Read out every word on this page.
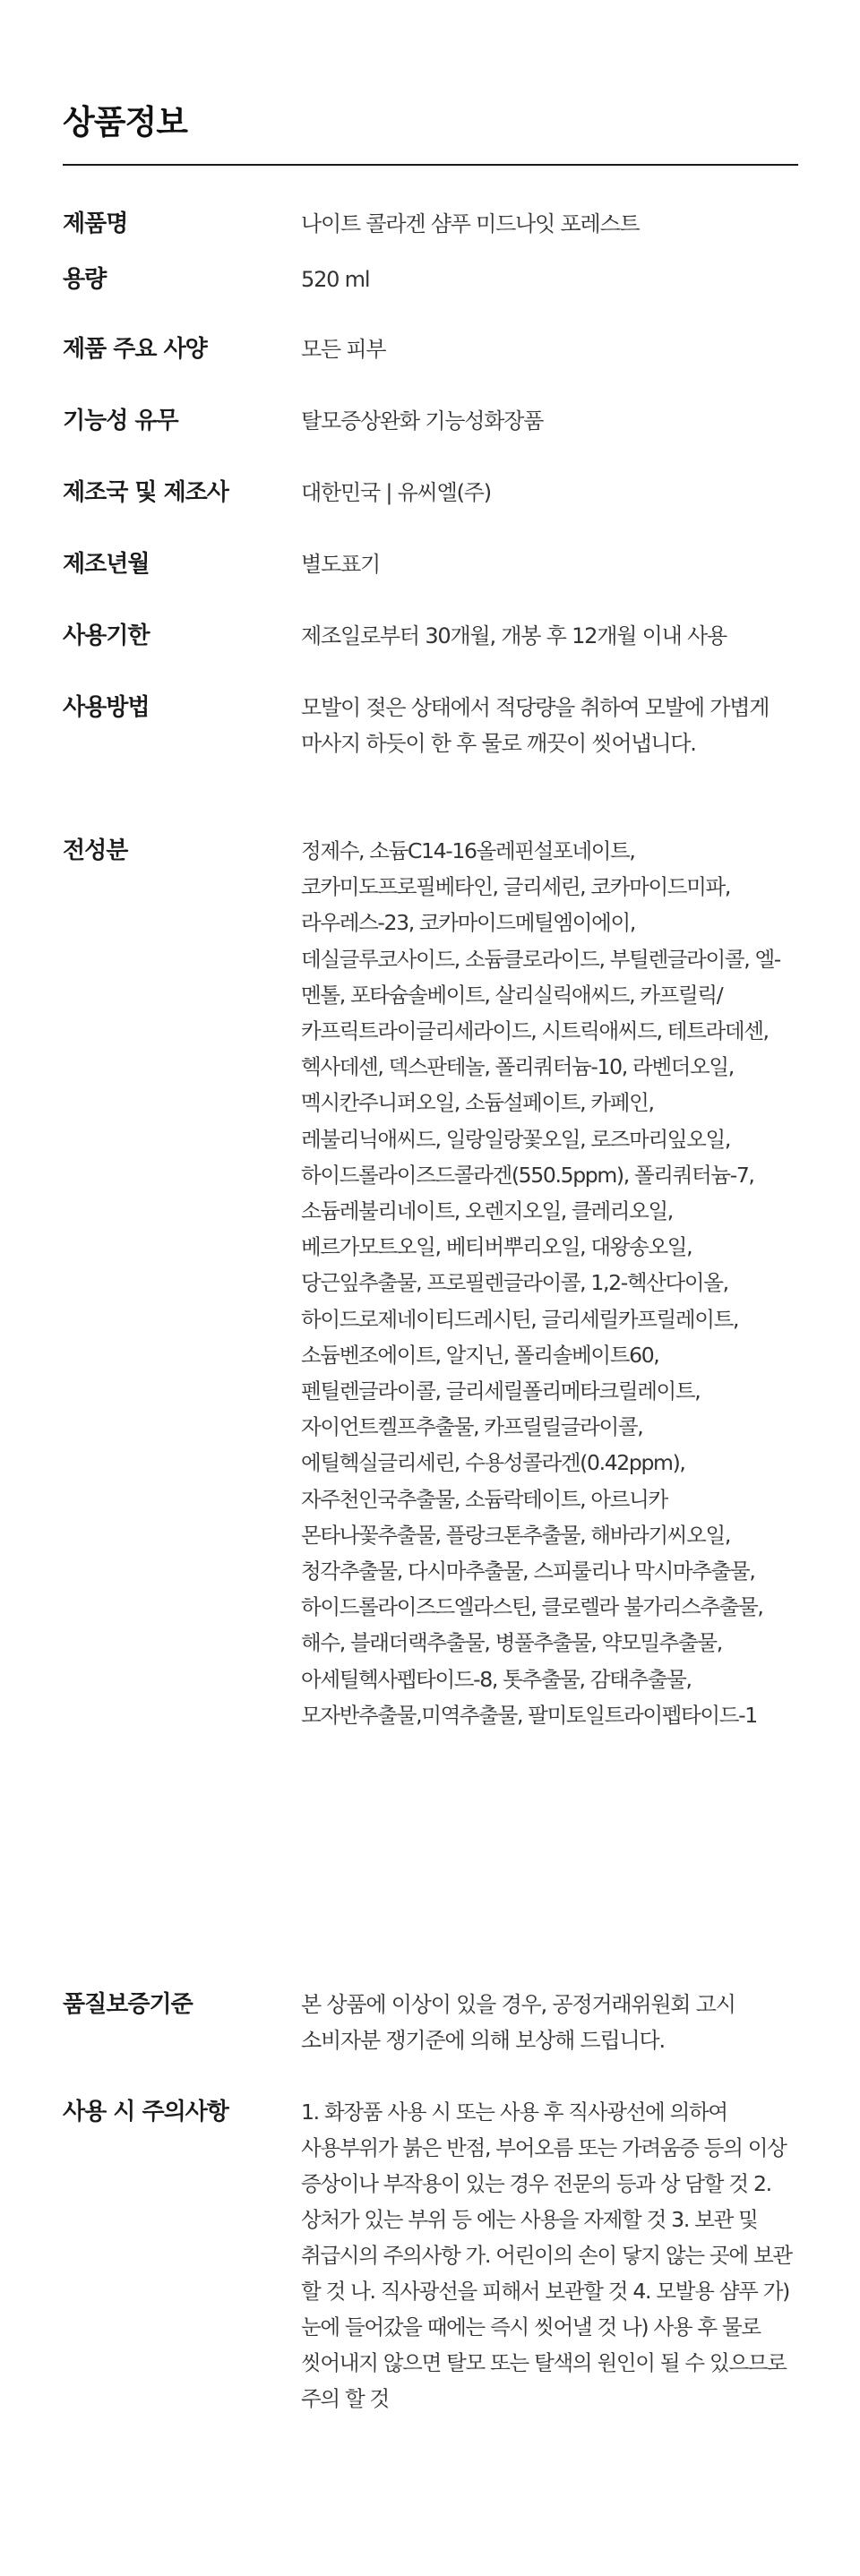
상품정보
제품명	나이트 콜라겐 샴푸 미드나잇 포레스트
용량	520 ml
제품 주요 사양	모든 피부
기능성 유무	탈모증상완화 기능성화장품
제조국 및 제조사	대한민국 | 유씨엘(주)
제조년월	별도표기
사용기한	제조일로부터 30개월, 개봉 후 12개월 이내 사용
사용방법	모발이 젖은 상태에서 적당량을 취하여 모발에 가볍게 마사지 하듯이 한 후 물로 깨끗이 씻어냅니다.
전성분	정제수, 소듐C14-16올레핀설포네이트, 코카미도프로필베타인, 글리세린, 코카마이드미파, 라우레스-23, 코카마이드메틸엠이에이, 데실글루코사이드, 소듐클로라이드, 부틸렌글라이콜, 엘-멘톨, 포타슘솔베이트, 살리실릭애씨드, 카프릴릭/카프릭트라이글리세라이드, 시트릭애씨드, 테트라데센, 헥사데센, 덱스판테놀, 폴리쿼터늄-10, 라벤더오일, 멕시칸주니퍼오일, 소듐설페이트, 카페인, 레불리닉애씨드, 일랑일랑꽃오일, 로즈마리잎오일, 하이드롤라이즈드콜라겐(550.5ppm), 폴리쿼터늄-7, 소듐레불리네이트, 오렌지오일, 클레리오일, 베르가모트오일, 베티버뿌리오일, 대왕송오일, 당근잎추출물, 프로필렌글라이콜, 1,2-헥산다이올, 하이드로제네이티드레시틴, 글리세릴카프릴레이트, 소듐벤조에이트, 알지닌, 폴리솔베이트60, 펜틸렌글라이콜, 글리세릴폴리메타크릴레이트, 자이언트켈프추출물, 카프릴릴글라이콜, 에틸헥실글리세린, 수용성콜라겐(0.42ppm), 자주천인국추출물, 소듐락테이트, 아르니카 몬타나꽃추출물, 플랑크톤추출물, 해바라기씨오일, 청각추출물, 다시마추출물, 스피룰리나 막시마추출물, 하이드롤라이즈드엘라스틴, 클로렐라 불가리스추출물, 해수, 블래더랙추출물, 병풀추출물, 약모밀추출물, 아세틸헥사펩타이드-8, 톳추출물, 감태추출물, 모자반추출물,미역추출물, 팔미토일트라이펩타이드-1
품질보증기준	본 상품에 이상이 있을 경우, 공정거래위원회 고시 소비자분 쟁기준에 의해 보상해 드립니다.
사용 시 주의사항	1. 화장품 사용 시 또는 사용 후 직사광선에 의하여 사용부위가 붉은 반점, 부어오름 또는 가려움증 등의 이상 증상이나 부작용이 있는 경우 전문의 등과 상 담할 것 2. 상처가 있는 부위 등 에는 사용을 자제할 것 3. 보관 및 취급시의 주의사항 가. 어린이의 손이 닿지 않는 곳에 보관 할 것 나. 직사광선을 피해서 보관할 것 4. 모발용 샴푸 가) 눈에 들어갔을 때에는 즉시 씻어낼 것 나) 사용 후 물로 씻어내지 않으면 탈모 또는 탈색의 원인이 될 수 있으므로 주의 할 것
